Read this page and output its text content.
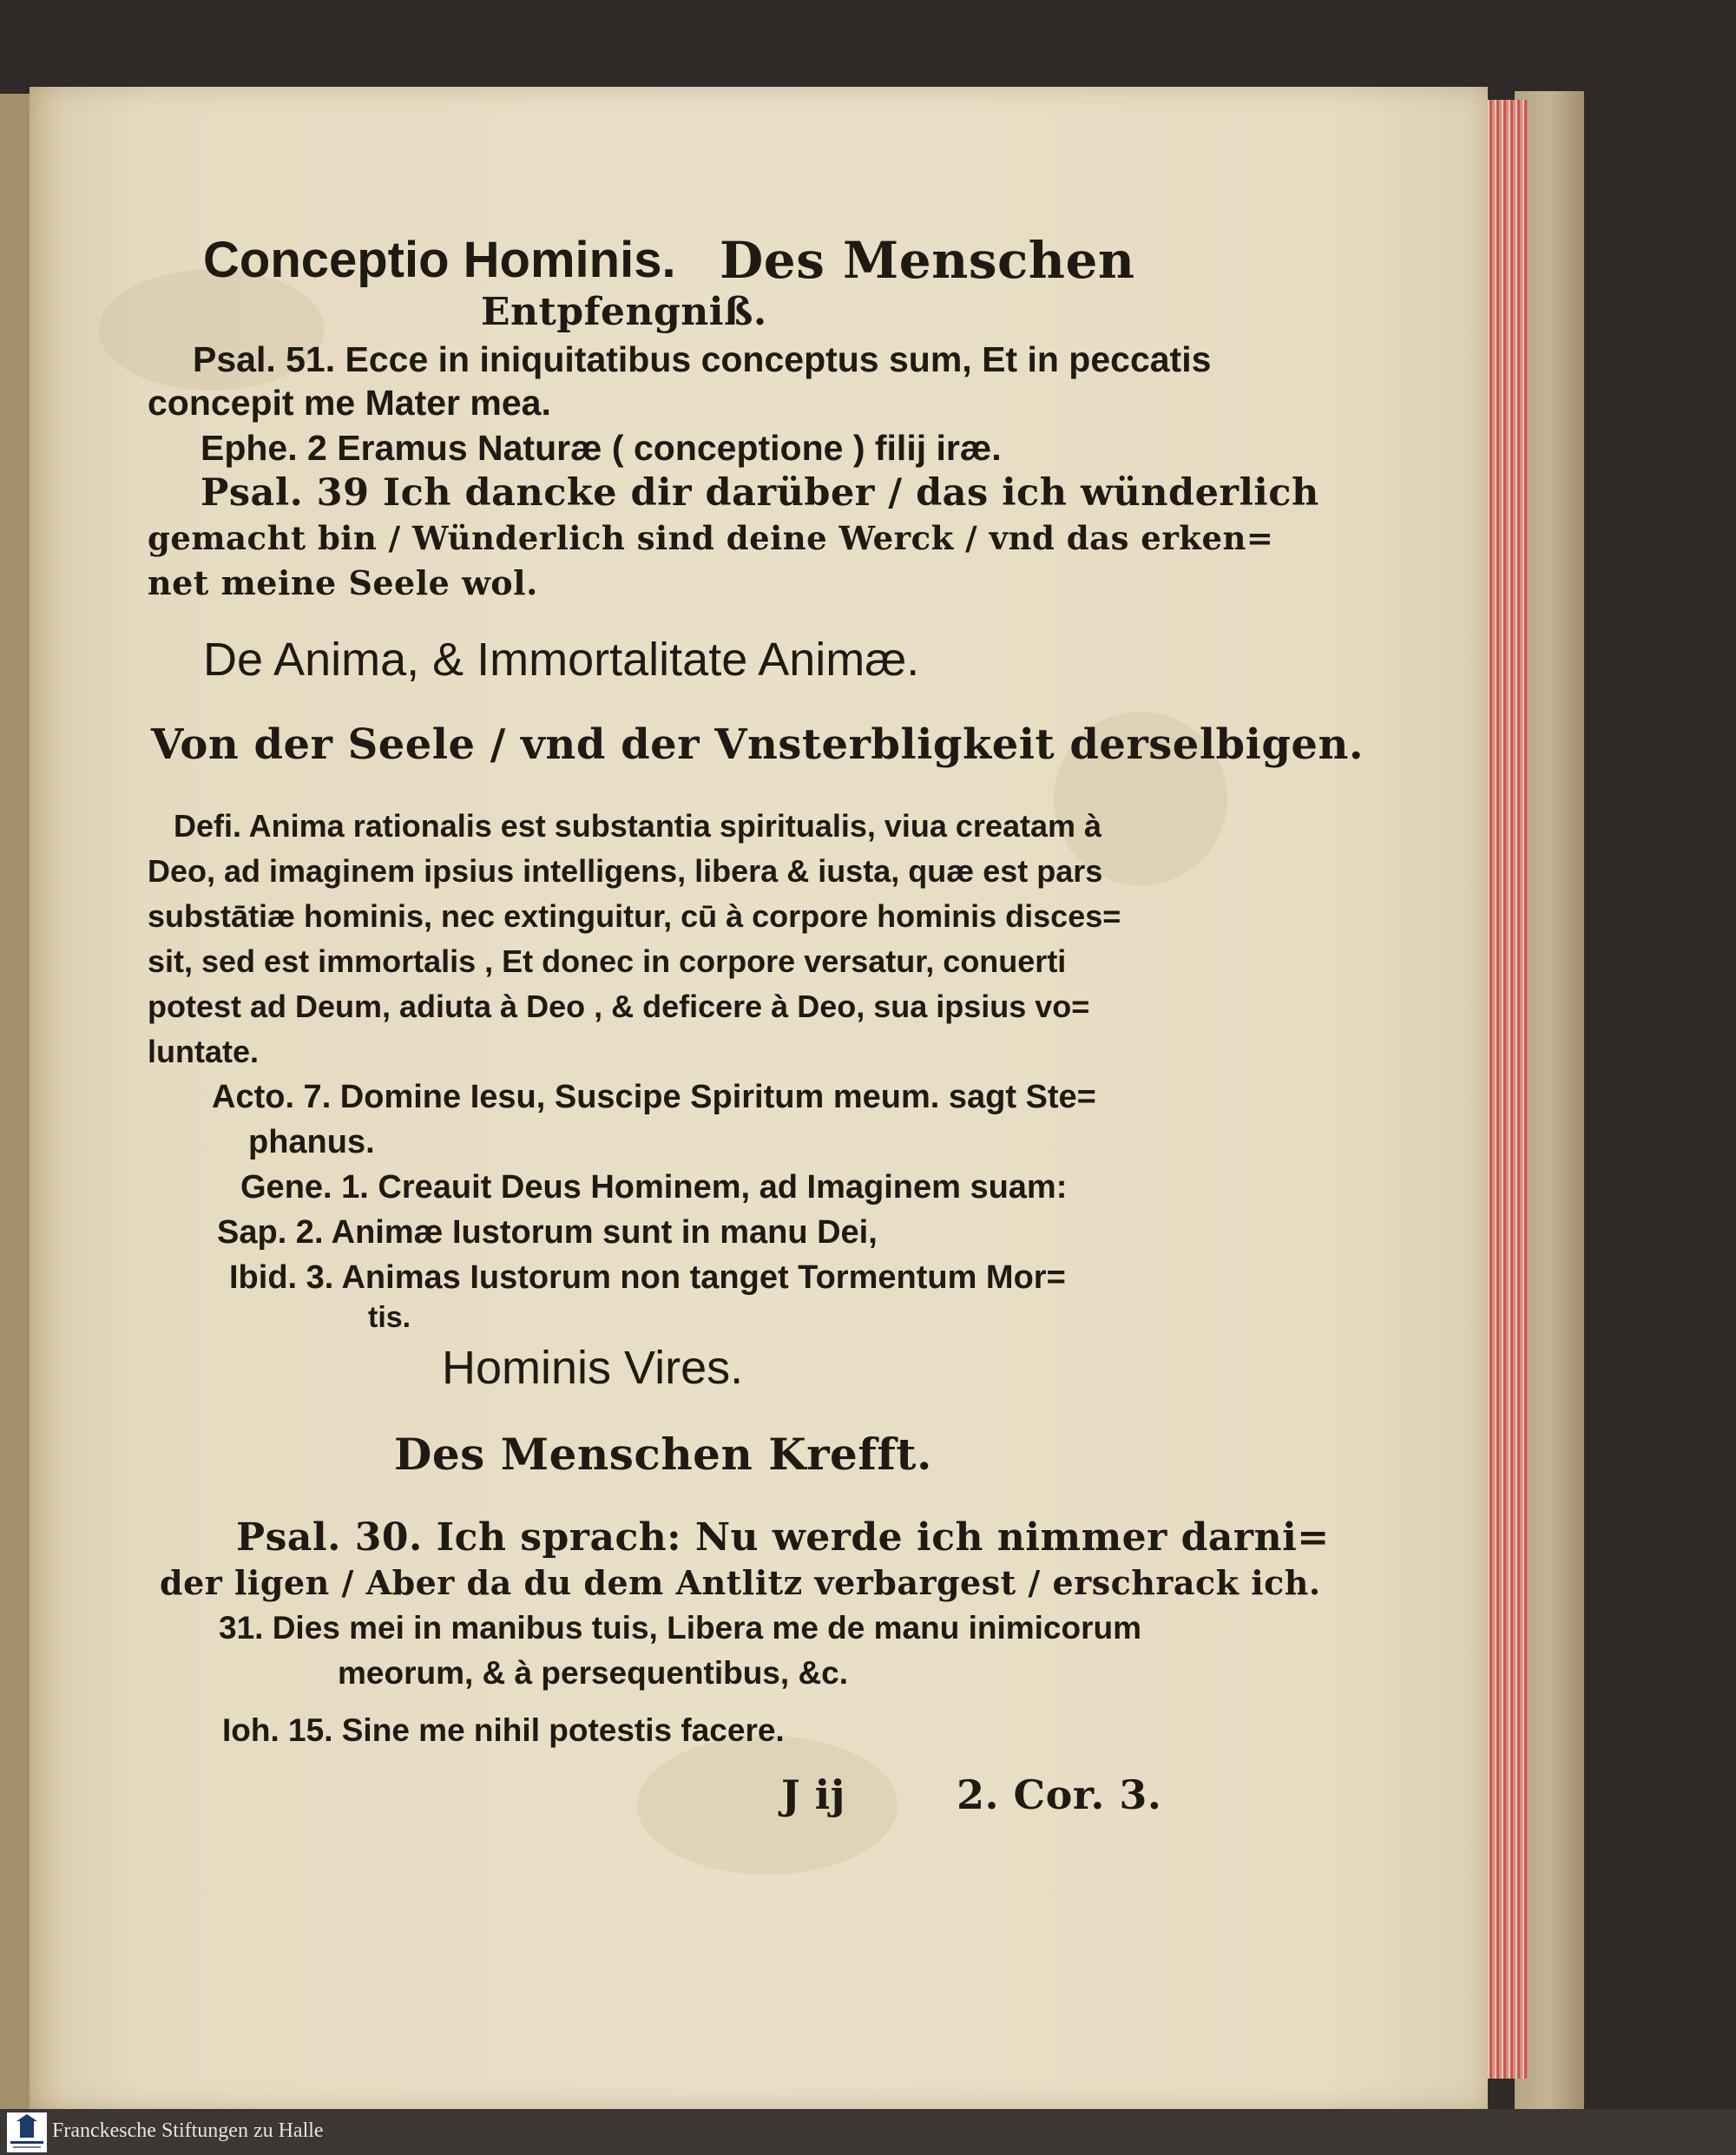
Conceptio Hominis. Des Menschen
Entpfengniß.
Psal. 51. Ecce in iniquitatibus conceptus sum, Et in peccatis
concepit me Mater mea.
Ephe. 2 Eramus Naturæ ( conceptione ) filij iræ.
Psal. 39 Ich dancke dir darüber / das ich wünderlich
gemacht bin / Wünderlich sind deine Werck / vnd das erken=
net meine Seele wol.
De Anima, & Immortalitate Animæ.
Von der Seele / vnd der Vnsterbligkeit derselbigen.
Defi. Anima rationalis est substantia spiritualis, viua creatam à
Deo, ad imaginem ipsius intelligens, libera & iusta, quæ est pars
substātiæ hominis, nec extinguitur, cū à corpore hominis disces=
sit, sed est immortalis , Et donec in corpore versatur, conuerti
potest ad Deum, adiuta à Deo , & deficere à Deo, sua ipsius vo=
luntate.
Acto. 7. Domine Iesu, Suscipe Spiritum meum. sagt Ste=
phanus.
Gene. 1. Creauit Deus Hominem, ad Imaginem suam:
Sap. 2. Animæ Iustorum sunt in manu Dei,
Ibid. 3. Animas Iustorum non tanget Tormentum Mor=
tis.
Hominis Vires.
Des Menschen Krefft.
Psal. 30. Ich sprach: Nu werde ich nimmer darni=
der ligen / Aber da du dem Antlitz verbargest / erschrack ich.
31. Dies mei in manibus tuis, Libera me de manu inimicorum
meorum, & à persequentibus, &c.
Ioh. 15. Sine me nihil potestis facere.
J ij	2. Cor. 3.
Franckesche Stiftungen zu Halle
